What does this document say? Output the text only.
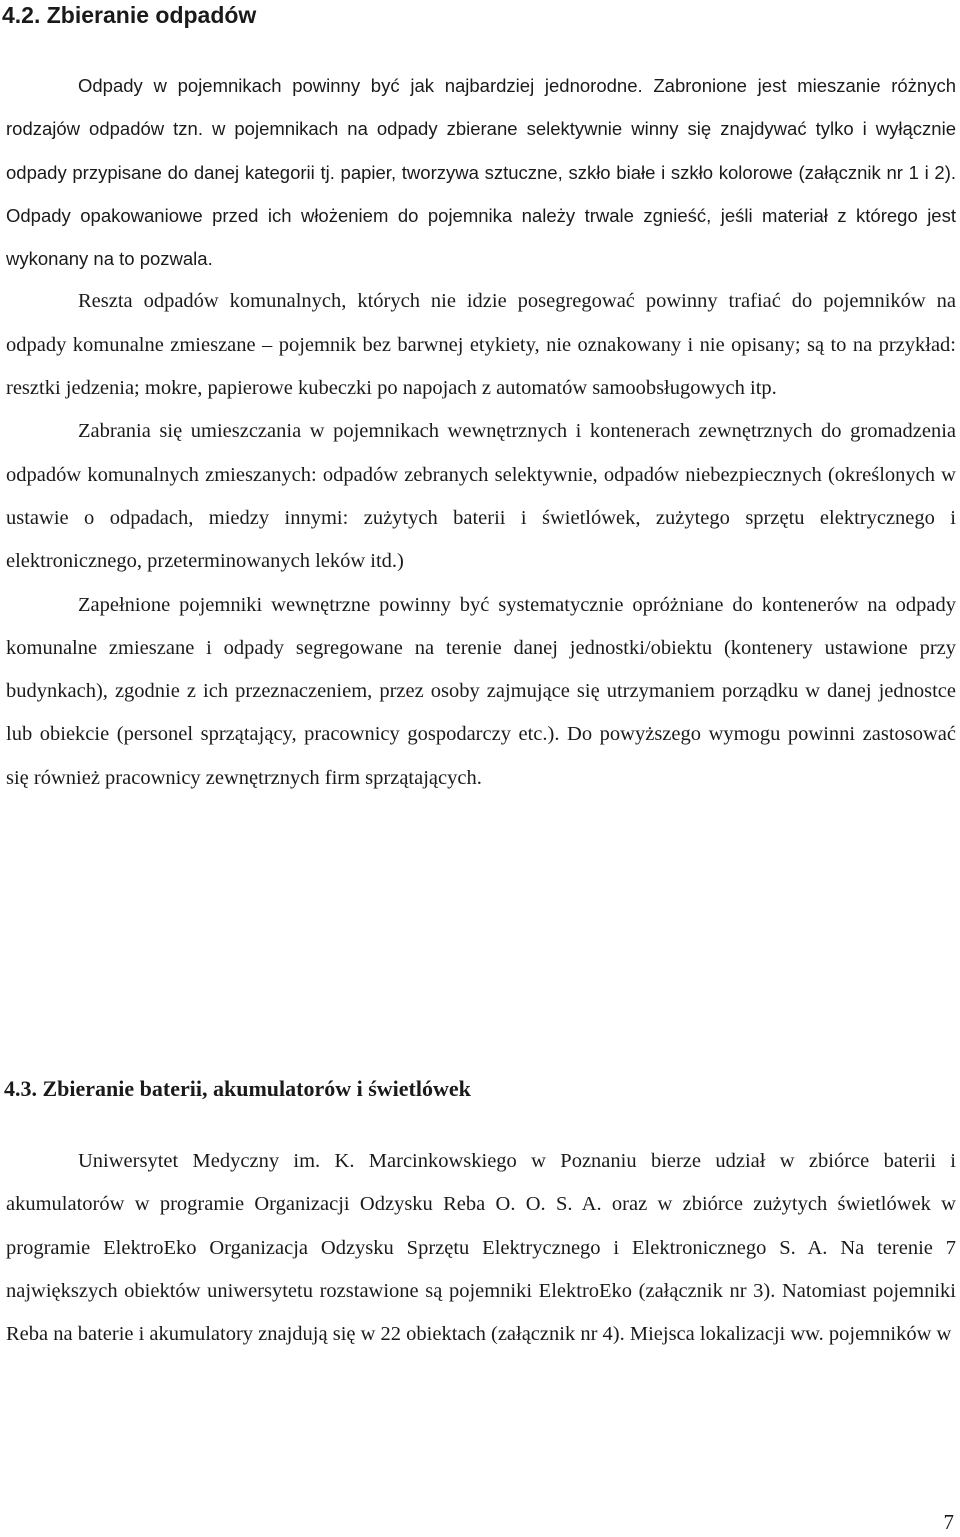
4.2. Zbieranie odpadów

Odpady w pojemnikach powinny być jak najbardziej jednorodne. Zabronione jest mieszanie różnych rodzajów odpadów tzn. w pojemnikach na odpady zbierane selektywnie winny się znajdywać tylko i wyłącznie odpady przypisane do danej kategorii tj. papier, tworzywa sztuczne, szkło białe i szkło kolorowe (załącznik nr 1 i 2). Odpady opakowaniowe przed ich włożeniem do pojemnika należy trwale zgnieść, jeśli materiał z którego jest wykonany na to pozwala.

Reszta odpadów komunalnych, których nie idzie posegregować powinny trafiać do pojemników na odpady komunalne zmieszane – pojemnik bez barwnej etykiety, nie oznakowany i nie opisany; są to na przykład: resztki jedzenia; mokre, papierowe kubeczki po napojach z automatów samoobsługowych itp.

Zabrania się umieszczania w pojemnikach wewnętrznych i kontenerach zewnętrznych do gromadzenia odpadów komunalnych zmieszanych: odpadów zebranych selektywnie, odpadów niebezpiecznych (określonych w ustawie o odpadach, miedzy innymi: zużytych baterii i świetlówek, zużytego sprzętu elektrycznego i elektronicznego, przeterminowanych leków itd.)

Zapełnione pojemniki wewnętrzne powinny być systematycznie opróżniane do kontenerów na odpady komunalne zmieszane i odpady segregowane na terenie danej jednostki/obiektu (kontenery ustawione przy budynkach), zgodnie z ich przeznaczeniem, przez osoby zajmujące się utrzymaniem porządku w danej jednostce lub obiekcie (personel sprzątający, pracownicy gospodarczy etc.). Do powyższego wymogu powinni zastosować się również pracownicy zewnętrznych firm sprzątających.

4.3. Zbieranie baterii, akumulatorów i świetlówek

Uniwersytet Medyczny im. K. Marcinkowskiego w Poznaniu bierze udział w zbiórce baterii i akumulatorów w programie Organizacji Odzysku Reba O. O. S. A. oraz w zbiórce zużytych świetlówek w programie ElektroEko Organizacja Odzysku Sprzętu Elektrycznego i Elektronicznego S. A. Na terenie 7 największych obiektów uniwersytetu rozstawione są pojemniki ElektroEko (załącznik nr 3). Natomiast pojemniki Reba na baterie i akumulatory znajdują się w 22 obiektach (załącznik nr 4). Miejsca lokalizacji ww. pojemników w

7
